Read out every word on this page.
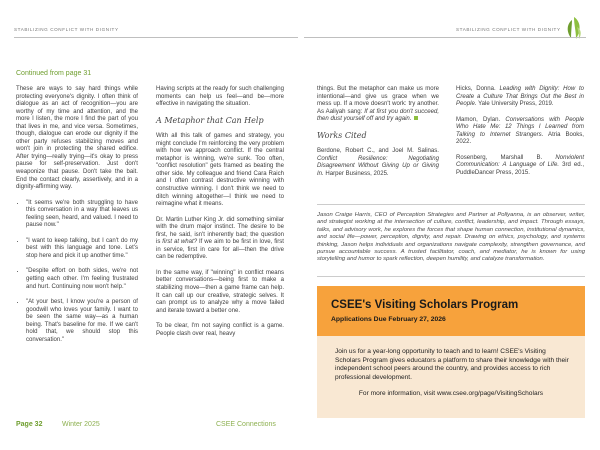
STABILIZING CONFLICT WITH DIGNITY	STABILIZING CONFLICT WITH DIGNITY
Continued from page 31

These are ways to say hard things while protecting everyone's dignity. I often think of dialogue as an act of recognition—you are worthy of my time and attention, and the more I listen, the more I find the part of you that lives in me, and vice versa. Sometimes, though, dialogue can erode our dignity if the other party refuses stabilizing moves and won't join in protecting the shared edifice. After trying—really trying—it's okay to press pause for self-preservation. Just don't weaponize that pause. Don't take the bait. End the contact clearly, assertively, and in a dignity-affirming way.

• "It seems we're both struggling to have this conversation in a way that leaves us feeling seen, heard, and valued. I need to pause now."
• "I want to keep talking, but I can't do my best with this language and tone. Let's stop here and pick it up another time."
• "Despite effort on both sides, we're not getting each other. I'm feeling frustrated and hurt. Continuing now won't help."
• "At your best, I know you're a person of goodwill who loves your family. I want to be seen the same way—as a human being. That's baseline for me. If we can't hold that, we should stop this conversation."

Having scripts at the ready for such challenging moments can help us feel—and be—more effective in navigating the situation.

A Metaphor that Can Help

With all this talk of games and strategy, you might conclude I'm reinforcing the very problem with how we approach conflict. If the central metaphor is winning, we're sunk. Too often, "conflict resolution" gets framed as beating the other side. My colleague and friend Cara Raich and I often contrast destructive winning with constructive winning. I don't think we need to ditch winning altogether—I think we need to reimagine what it means.

Dr. Martin Luther King Jr. did something similar with the drum major instinct. The desire to be first, he said, isn't inherently bad; the question is first at what? If we aim to be first in love, first in service, first in care for all—then the drive can be redemptive.

In the same way, if "winning" in conflict means better conversations—being first to make a stabilizing move—then a game frame can help. It can call up our creative, strategic selves. It can prompt us to analyze why a move failed and iterate toward a better one.

To be clear, I'm not saying conflict is a game. People clash over real, heavy

things. But the metaphor can make us more intentional—and give us grace when we mess up. If a move doesn't work: try another. As Aaliyah sang: If at first you don't succeed, then dust yourself off and try again.

Works Cited

Berdone, Robert C., and Joel M. Salinas. Conflict Resilience: Negotiating Disagreement Without Giving Up or Giving In. Harper Business, 2025.

Hicks, Donna. Leading with Dignity: How to Create a Culture That Brings Out the Best in People. Yale University Press, 2019.

Mamon, Dylan. Conversations with People Who Hate Me: 12 Things I Learned from Talking to Internet Strangers. Atria Books, 2022.

Rosenberg, Marshall B. Nonviolent Communication: A Language of Life. 3rd ed., PuddleDancer Press, 2015.

Jason Craige Harris, CEO of Perception Strategies and Partner at Pollyanna, is an observer, writer, and strategist working at the intersection of culture, conflict, leadership, and impact. Through essays, talks, and advisory work, he explores the forces that shape human connection, institutional dynamics, and social life—power, perception, dignity, and repair. Drawing on ethics, psychology, and systems thinking, Jason helps individuals and organizations navigate complexity, strengthen governance, and pursue accountable success. A trusted facilitator, coach, and mediator, he is known for using storytelling and humor to spark reflection, deepen humility, and catalyze transformation.
CSEE's Visiting Scholars Program
Applications Due February 27, 2026
Join us for a year-long opportunity to teach and to learn! CSEE's Visiting Scholars Program gives educators a platform to share their knowledge with their independent school peers around the country, and provides access to rich professional development.
For more information, visit www.csee.org/page/VisitingScholars
Page 32	Winter 2025	CSEE Connections
